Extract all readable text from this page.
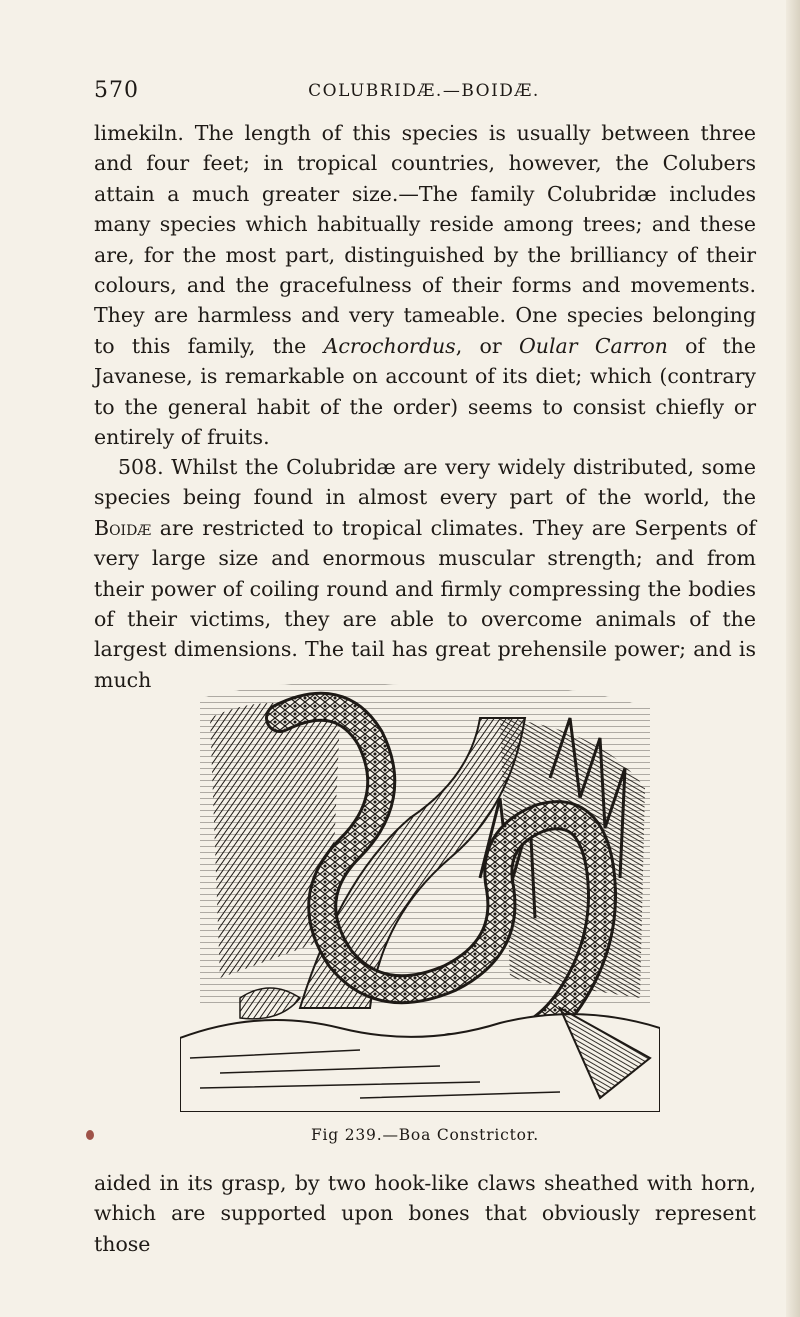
570	COLUBRIDÆ.—BOIDÆ.

limekiln. The length of this species is usually between three and four feet; in tropical countries, however, the Colubers attain a much greater size.—The family Colubridæ includes many species which habitually reside among trees; and these are, for the most part, distinguished by the brilliancy of their colours, and the gracefulness of their forms and movements. They are harmless and very tameable. One species belonging to this family, the Acrochordus, or Oular Carron of the Javanese, is remarkable on account of its diet; which (contrary to the general habit of the order) seems to consist chiefly or entirely of fruits.

508. Whilst the Colubridæ are very widely distributed, some species being found in almost every part of the world, the Boidæ are restricted to tropical climates. They are Serpents of very large size and enormous muscular strength; and from their power of coiling round and firmly compressing the bodies of their victims, they are able to overcome animals of the largest dimensions. The tail has great prehensile power; and is much

Fig 239.—Boa Constrictor.

aided in its grasp, by two hook-like claws sheathed with horn, which are supported upon bones that obviously represent those
